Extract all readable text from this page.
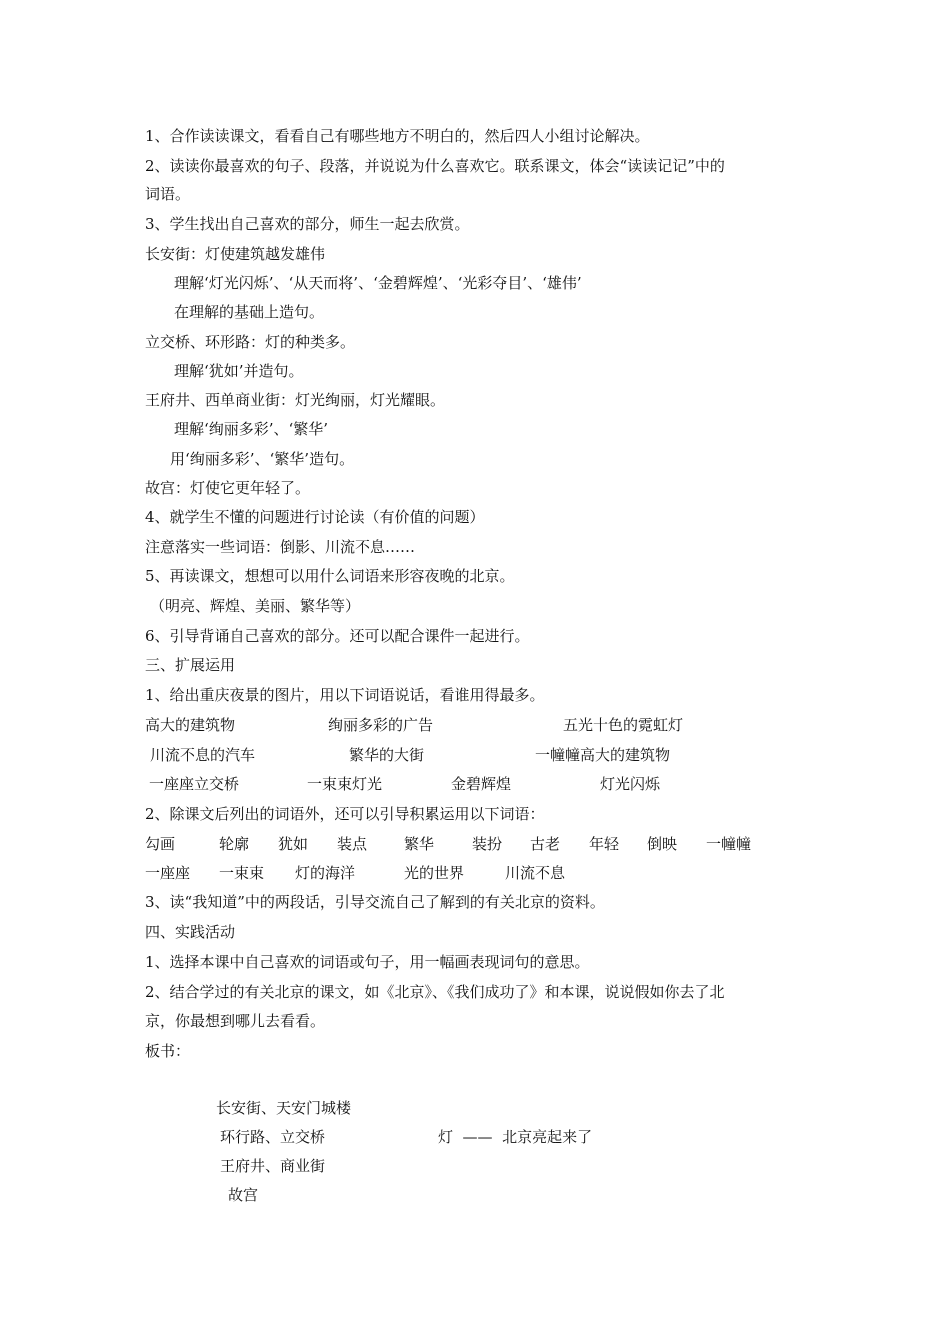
1、合作读读课文，看看自己有哪些地方不明白的，然后四人小组讨论解决。
2、读读你最喜欢的句子、段落，并说说为什么喜欢它。联系课文，体会“读读记记”中的
词语。
3、学生找出自己喜欢的部分，师生一起去欣赏。
长安街：灯使建筑越发雄伟
理解‘灯光闪烁’、‘从天而将’、‘金碧辉煌’、‘光彩夺目’、‘雄伟’
在理解的基础上造句。
立交桥、环形路：灯的种类多。
理解‘犹如’并造句。
王府井、西单商业街：灯光绚丽，灯光耀眼。
理解‘绚丽多彩’、‘繁华’
用‘绚丽多彩’、‘繁华’造句。
故宫：灯使它更年轻了。
4、就学生不懂的问题进行讨论读（有价值的问题）
注意落实一些词语：倒影、川流不息……
5、再读课文，想想可以用什么词语来形容夜晚的北京。
（明亮、辉煌、美丽、繁华等）
6、引导背诵自己喜欢的部分。还可以配合课件一起进行。
三、扩展运用
1、给出重庆夜景的图片，用以下词语说话，看谁用得最多。
高大的建筑物	绚丽多彩的广告	五光十色的霓虹灯
川流不息的汽车	繁华的大街	一幢幢高大的建筑物
一座座立交桥	一束束灯光	金碧辉煌	灯光闪烁
2、除课文后列出的词语外，还可以引导积累运用以下词语：
勾画	轮廓 犹如 装点 繁华	装扮 古老 年轻 倒映 一幢幢
一座座 一束束 灯的海洋	光的世界	川流不息
3、读“我知道”中的两段话，引导交流自己了解到的有关北京的资料。
四、实践活动
1、选择本课中自己喜欢的词语或句子，用一幅画表现词句的意思。
2、结合学过的有关北京的课文，如《北京》、《我们成功了》和本课，说说假如你去了北
京，你最想到哪儿去看看。
板书：
长安街、天安门城楼
环行路、立交桥
王府井、商业街
故宫
灯  ——  北京亮起来了
